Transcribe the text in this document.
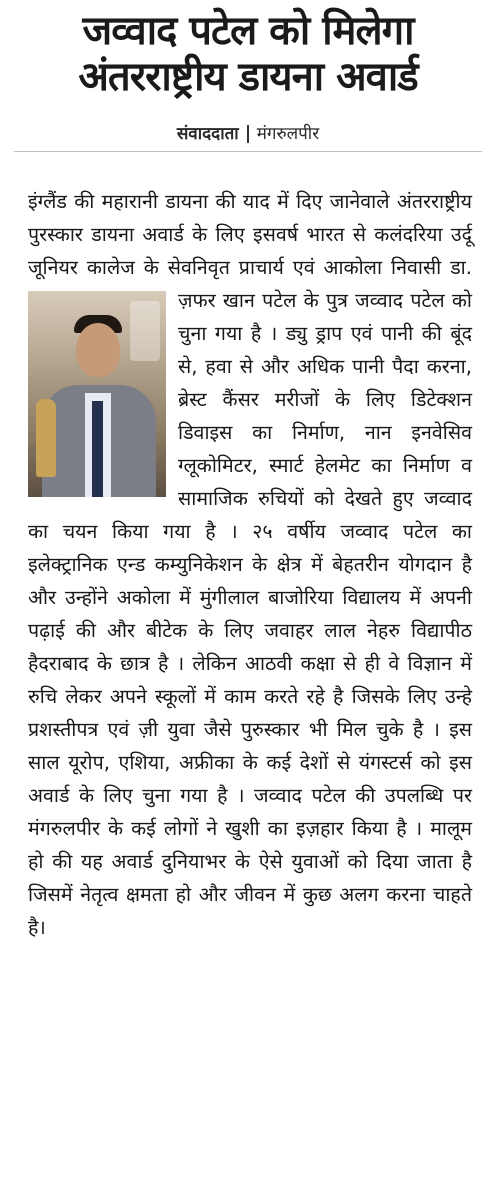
जव्वाद पटेल को मिलेगा
अंतरराष्ट्रीय डायना अवार्ड
संवाददाता मंगरुलपीर

इंग्लैंड की महारानी डायना की याद में दिए जानेवाले अंतरराष्ट्रीय पुरस्कार डायना अवार्ड के लिए इसवर्ष भारत से कलंदरिया उर्दू जूनियर कालेज के सेवनिवृत प्राचार्य एवं आकोला निवासी डा. ज़फर खान पटेल के पुत्र जव्वाद पटेल को चुना गया है । ड्यु ड्राप एवं पानी की बूंद से, हवा से और अधिक पानी पैदा करना, ब्रेस्ट कैंसर मरीजों के लिए डिटेक्शन डिवाइस का निर्माण, नान इनवेसिव ग्लूकोमिटर, स्मार्ट हेलमेट का निर्माण व सामाजिक रुचियों को देखते हुए जव्वाद का चयन किया गया है । २५ वर्षीय जव्वाद पटेल का इलेक्ट्रानिक एन्ड कम्युनिकेशन के क्षेत्र में बेहतरीन योगदान है और उन्होंने अकोला में मुंगीलाल बाजोरिया विद्यालय में अपनी पढ़ाई की और बीटेक के लिए जवाहर लाल नेहरु विद्यापीठ हैदराबाद के छात्र है । लेकिन आठवी कक्षा से ही वे विज्ञान में रुचि लेकर अपने स्कूलों में काम करते रहे है जिसके लिए उन्हे प्रशस्तीपत्र एवं ज़ी युवा जैसे पुरुस्कार भी मिल चुके है । इस साल यूरोप, एशिया, अफ्रीका के कई देशों से यंगस्टर्स को इस अवार्ड के लिए चुना गया है । जव्वाद पटेल की उपलब्धि पर मंगरुलपीर के कई लोगों ने खुशी का इज़हार किया है । मालूम हो की यह अवार्ड दुनियाभर के ऐसे युवाओं को दिया जाता है जिसमें नेतृत्व क्षमता हो और जीवन में कुछ अलग करना चाहते है।
